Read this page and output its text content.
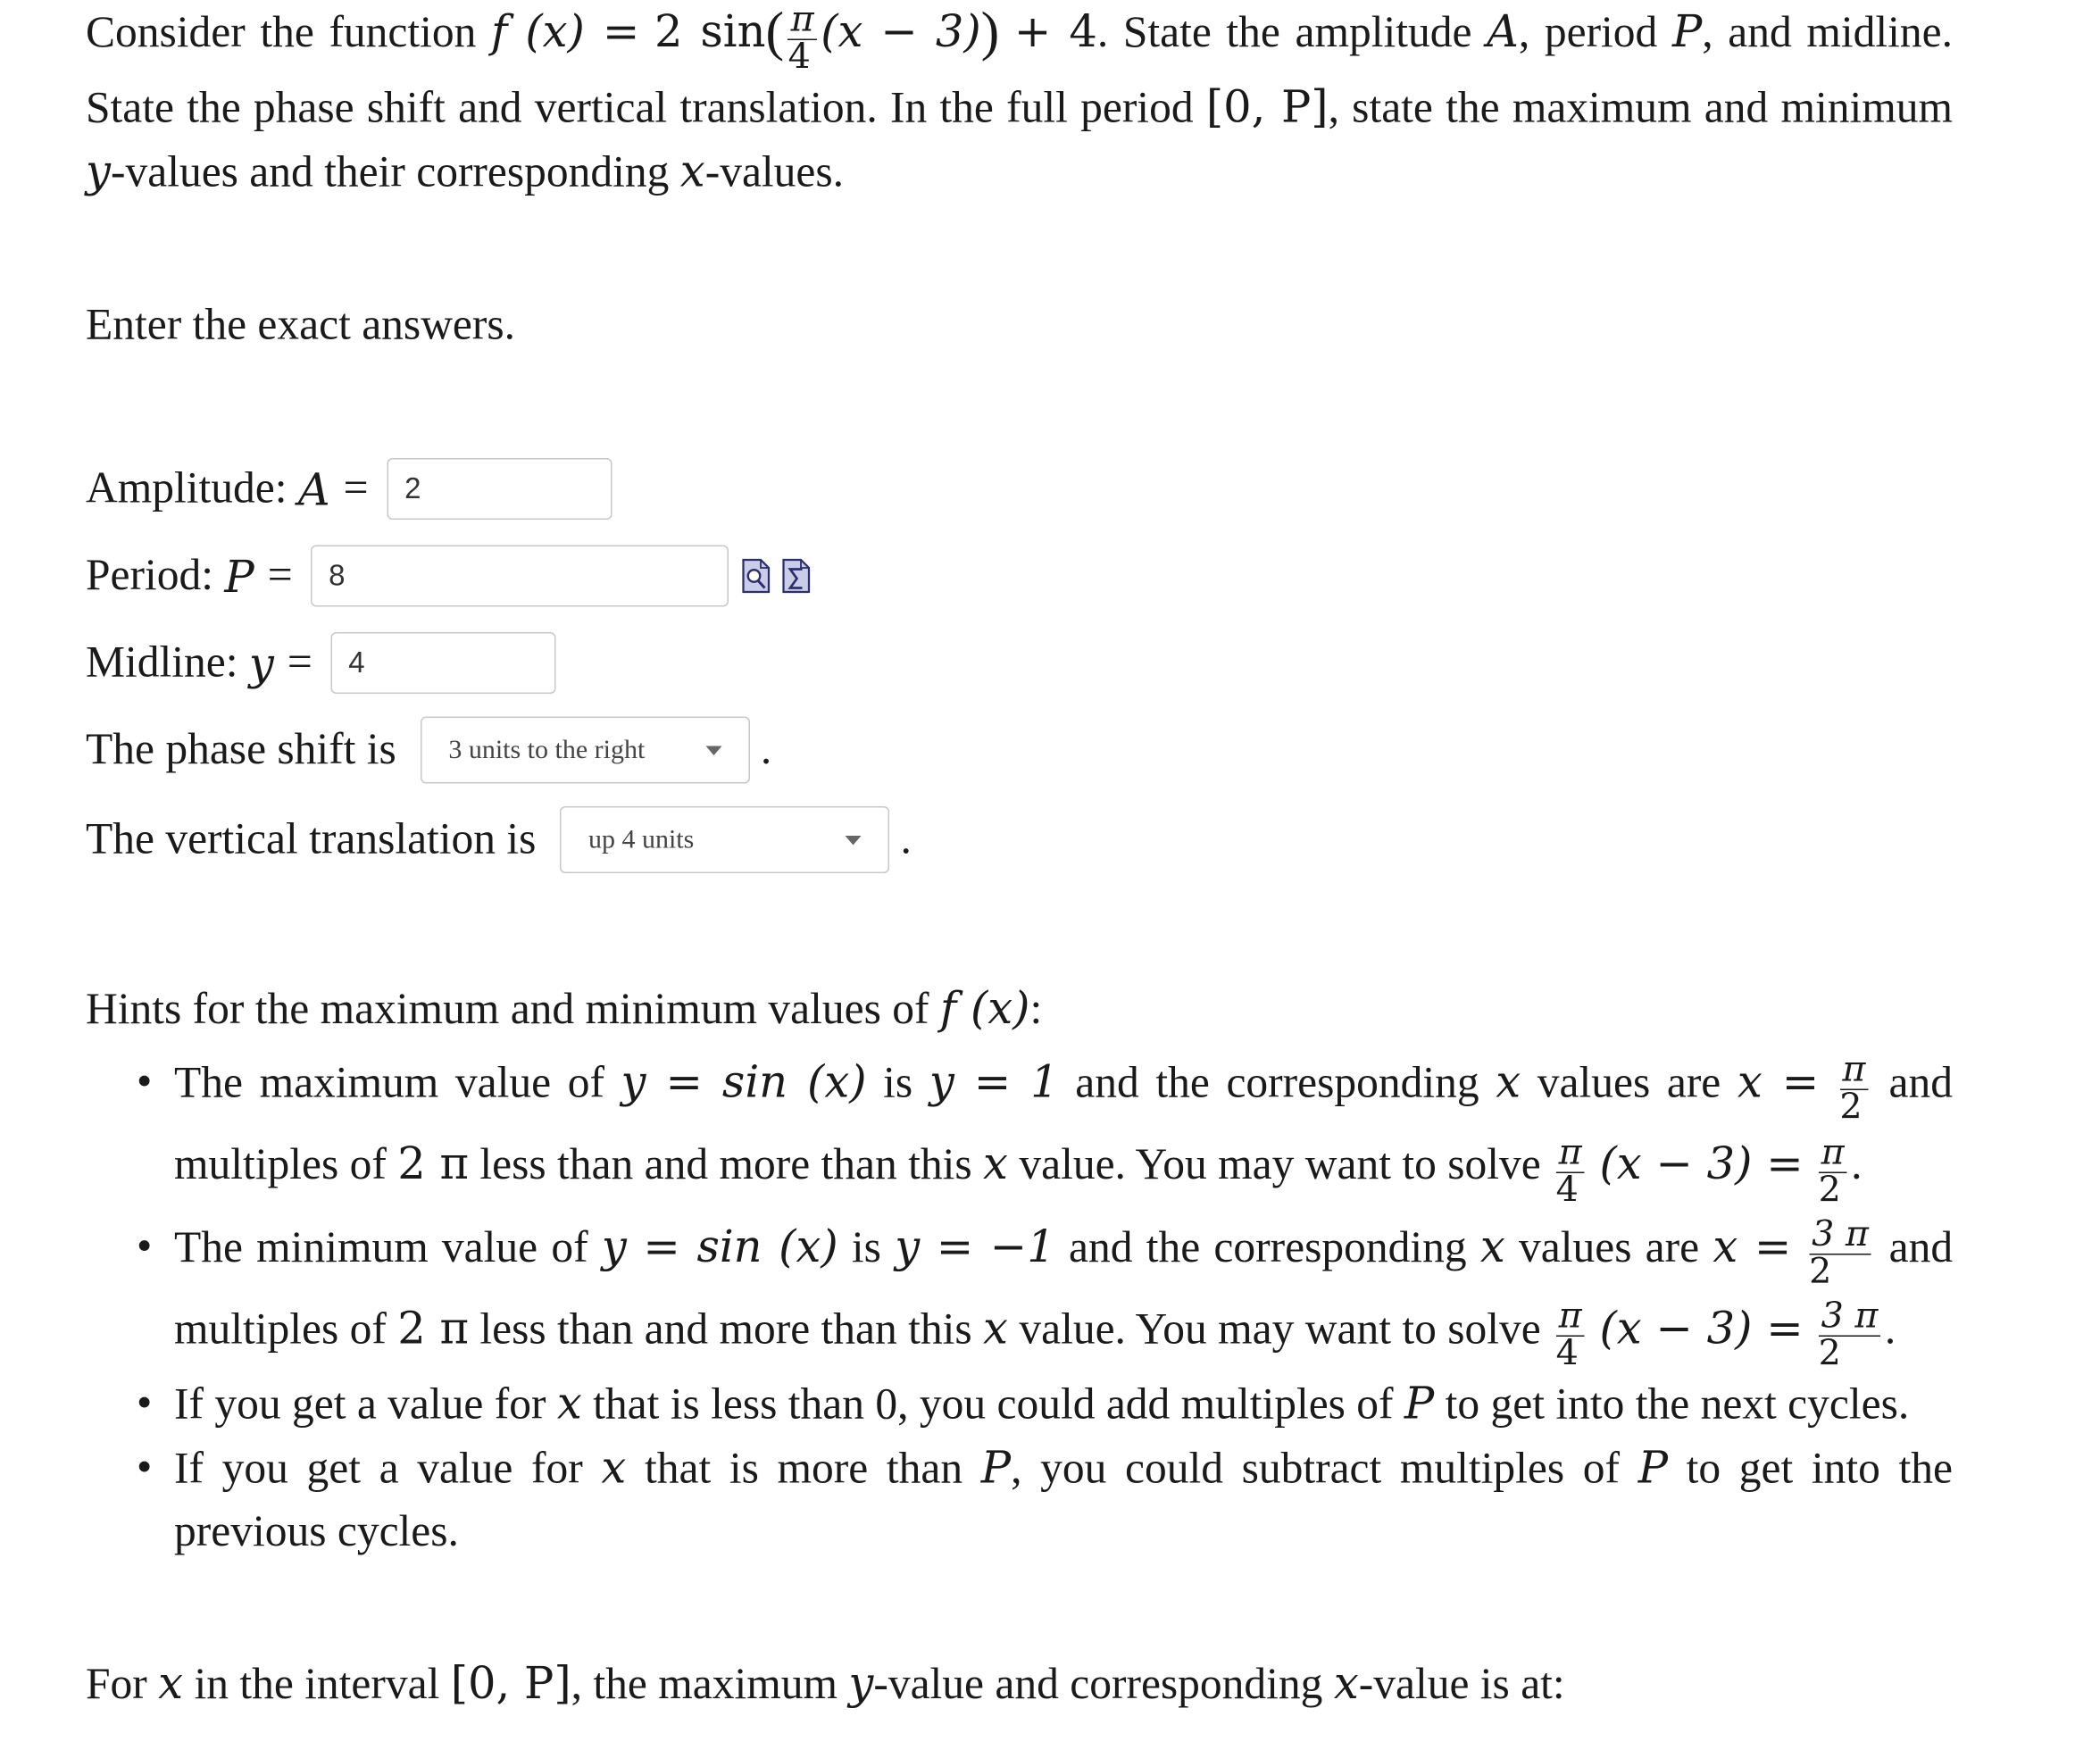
Consider the function f (x) = 2 $\sin( \frac{\pi}{4} (x - 3)) + 4$. State the amplitude A, period P, and midline. State the phase shift and vertical translation. In the full period [0, P], state the maximum and minimum y-values and their corresponding x-values.
Enter the exact answers.
Amplitude:
A =	2
Period:
P =	8
Midline:
y =	4
The phase shift is	3 units to the right	.
The vertical translation is	up 4 units	.
Hints for the maximum and minimum values of f (x):
• The maximum value of y = sin (x) is y = 1 and the corresponding x values are $x = \frac{\pi}{2}$ and multiples of 2 π less than and more than this x value. You may want to solve $\frac{\pi}{4} (x - 3) = \frac{\pi}{2}$ .
• The minimum value of y = sin (x) is y = −1 and the corresponding x values are $x = \frac{3 \pi}{2}$ and multiples of 2 π less than and more than this x value. You may want to solve $\frac{\pi}{4} (x - 3) = \frac{3 \pi}{2}$ .
• If you get a value for x that is less than 0, you could add multiples of P to get into the next cycles.
• If you get a value for x that is more than P, you could subtract multiples of P to get into the previous cycles.
For x in the interval [0, P], the maximum y-value and corresponding x-value is at:
